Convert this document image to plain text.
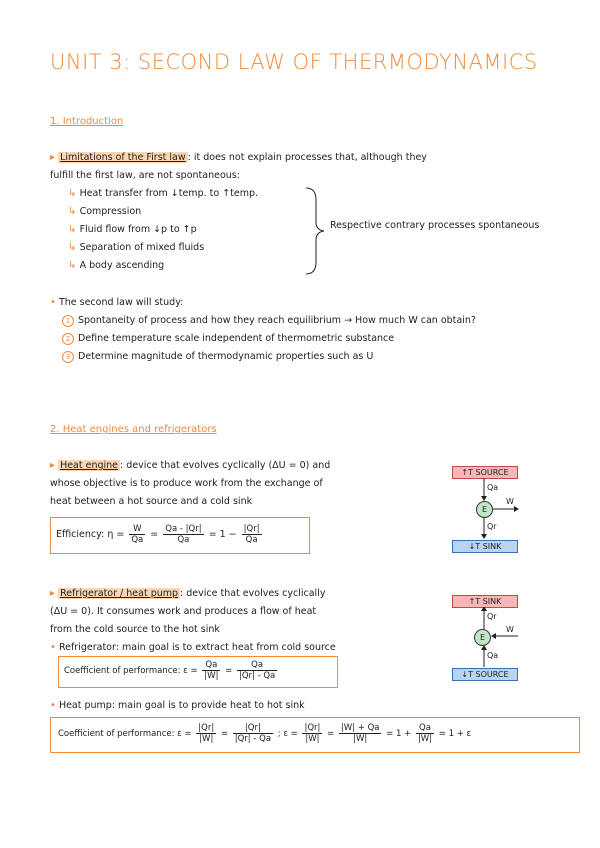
UNIT 3: SECOND LAW OF THERMODYNAMICS
1. Introduction
▸ Limitations of the First law : it does not explain processes that, although they
fulfill the first law, are not spontaneous:
↳ Heat transfer from ↓temp. to ↑temp.
↳ Compression
↳ Fluid flow from ↓p to ↑p
↳ Separation of mixed fluids
↳ A body ascending
Respective contrary processes spontaneous
• The second law will study:
1 Spontaneity of process and how they reach equilibrium → How much W can obtain?
2 Define temperature scale independent of thermometric substance
3 Determine magnitude of thermodynamic properties such as U
2. Heat engines and refrigerators
▸ Heat engine : device that evolves cyclically (ΔU = 0) and
whose objective is to produce work from the exchange of
heat between a hot source and a cold sink
Efficiency: $\eta = \frac{W}{Qa} = \frac{Qa - |Qr|}{Qa} = 1 - \frac{|Qr|}{Qa}$
↑T SOURCE
Qa
E
W
Qr
↓T SINK
▸ Refrigerator / heat pump : device that evolves cyclically
(ΔU = 0). It consumes work and produces a flow of heat
from the cold source to the hot sink
• Refrigerator: main goal is to extract heat from cold source
Coefficient of performance: $\varepsilon = \frac{Qa}{|W|} = \frac{Qa}{|Qr| - Qa}$
↑T SINK
Qr
E
W
Qa
↓T SOURCE
• Heat pump: main goal is to provide heat to hot sink
Coefficient of performance: $\varepsilon = \frac{|Qr|}{|W|} = \frac{|Qr|}{|Qr| - Qa}$ ; $\varepsilon = \frac{|Qr|}{|W|} = \frac{|W| + Qa}{|W|} = 1 + \frac{Qa}{|W|} = 1 + \varepsilon$
